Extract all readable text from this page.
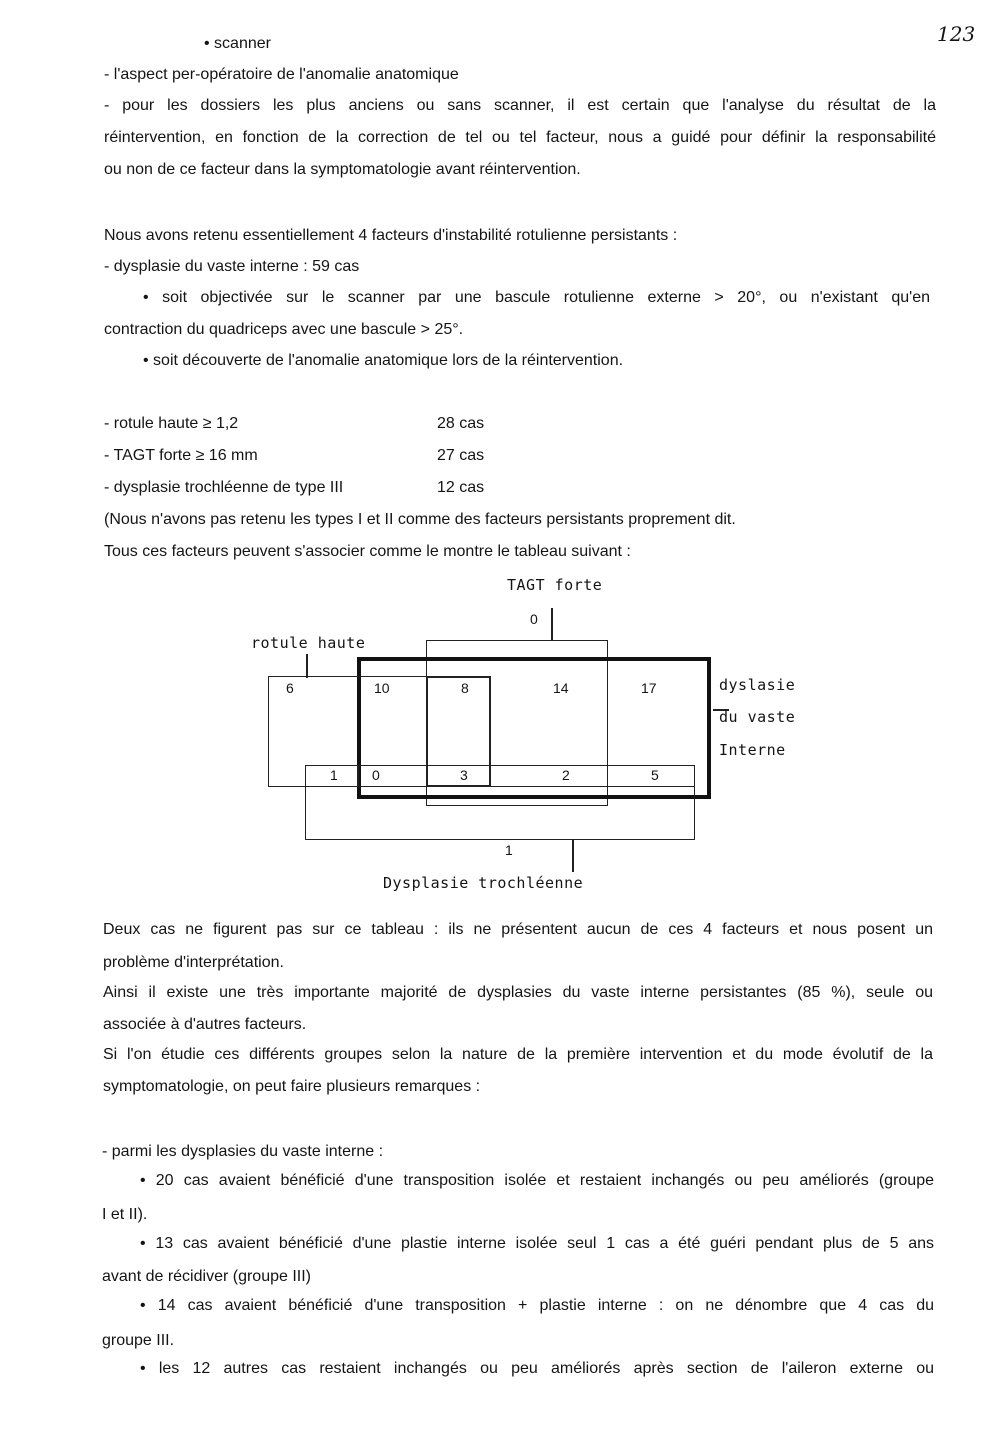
123
• scanner
- l'aspect per-opératoire de l'anomalie anatomique
- pour les dossiers les plus anciens ou sans scanner, il est certain que l'analyse du résultat de la
réintervention, en fonction de la correction de tel ou tel facteur, nous a guidé pour définir la responsabilité
ou non de ce facteur dans la symptomatologie avant réintervention.
Nous avons retenu essentiellement 4 facteurs d'instabilité rotulienne persistants :
- dysplasie du vaste interne : 59 cas
• soit objectivée sur le scanner par une bascule rotulienne externe > 20°, ou n'existant qu'en
contraction du quadriceps avec une bascule > 25°.
• soit découverte de l'anomalie anatomique lors de la réintervention.
- rotule haute ≥ 1,2	28 cas
- TAGT forte ≥ 16 mm	27 cas
- dysplasie trochléenne de type III	12 cas
(Nous n'avons pas retenu les types I et II comme des facteurs persistants proprement dit.
Tous ces facteurs peuvent s'associer comme le montre le tableau suivant :
TAGT forte
0
rotule haute
6	10	8	14	17
1 0	3	2	5
dyslasie
du vaste
Interne
1
Dysplasie trochléenne
Deux cas ne figurent pas sur ce tableau : ils ne présentent aucun de ces 4 facteurs et nous posent un
problème d'interprétation.
Ainsi il existe une très importante majorité de dysplasies du vaste interne persistantes (85 %), seule ou
associée à d'autres facteurs.
Si l'on étudie ces différents groupes selon la nature de la première intervention et du mode évolutif de la
symptomatologie, on peut faire plusieurs remarques :
- parmi les dysplasies du vaste interne :
• 20 cas avaient bénéficié d'une transposition isolée et restaient inchangés ou peu améliorés (groupe
I et II).
• 13 cas avaient bénéficié d'une plastie interne isolée seul 1 cas a été guéri pendant plus de 5 ans
avant de récidiver (groupe III)
• 14 cas avaient bénéficié d'une transposition + plastie interne : on ne dénombre que 4 cas du
groupe III.
• les 12 autres cas restaient inchangés ou peu améliorés après section de l'aileron externe ou
